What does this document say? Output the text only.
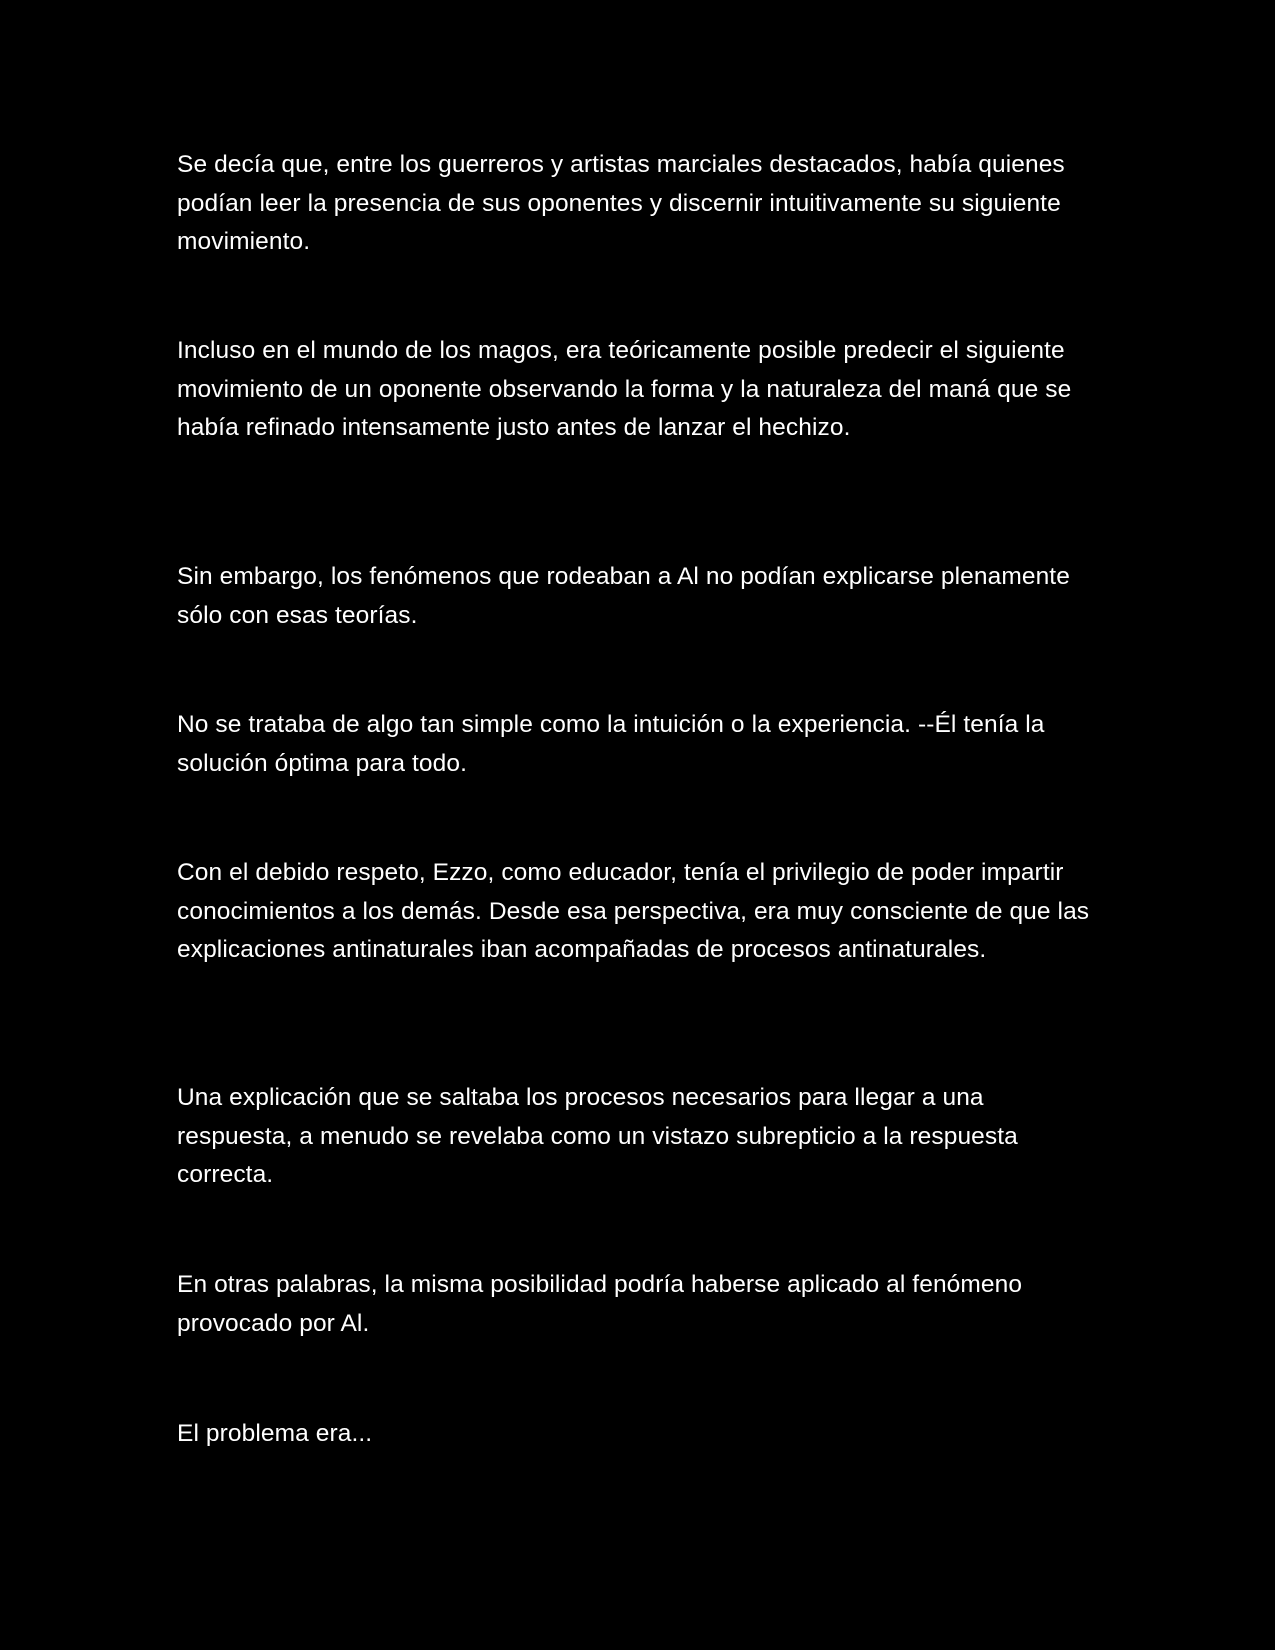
Se decía que, entre los guerreros y artistas marciales destacados, había quienes podían leer la presencia de sus oponentes y discernir intuitivamente su siguiente movimiento.

Incluso en el mundo de los magos, era teóricamente posible predecir el siguiente movimiento de un oponente observando la forma y la naturaleza del maná que se había refinado intensamente justo antes de lanzar el hechizo.

Sin embargo, los fenómenos que rodeaban a Al no podían explicarse plenamente sólo con esas teorías.

No se trataba de algo tan simple como la intuición o la experiencia. --Él tenía la solución óptima para todo.

Con el debido respeto, Ezzo, como educador, tenía el privilegio de poder impartir conocimientos a los demás. Desde esa perspectiva, era muy consciente de que las explicaciones antinaturales iban acompañadas de procesos antinaturales.

Una explicación que se saltaba los procesos necesarios para llegar a una respuesta, a menudo se revelaba como un vistazo subrepticio a la respuesta correcta.

En otras palabras, la misma posibilidad podría haberse aplicado al fenómeno provocado por Al.

El problema era...
